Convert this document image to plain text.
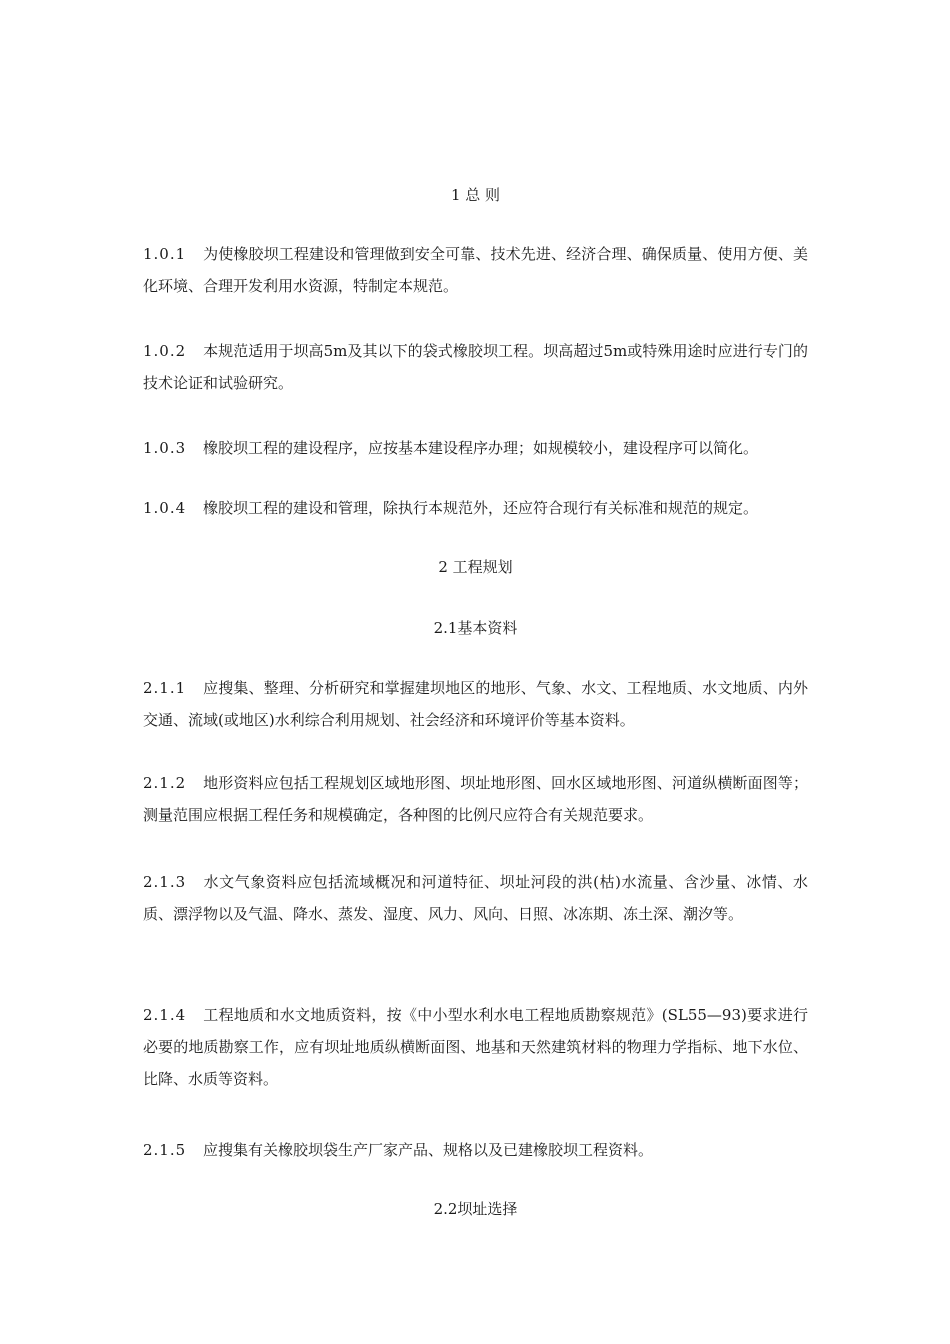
1 总 则
1.0.1 为使橡胶坝工程建设和管理做到安全可靠、技术先进、经济合理、确保质量、使用方便、美化环境、合理开发利用水资源，特制定本规范。
1.0.2 本规范适用于坝高5m及其以下的袋式橡胶坝工程。坝高超过5m或特殊用途时应进行专门的技术论证和试验研究。
1.0.3 橡胶坝工程的建设程序，应按基本建设程序办理；如规模较小，建设程序可以简化。
1.0.4 橡胶坝工程的建设和管理，除执行本规范外，还应符合现行有关标准和规范的规定。
2 工程规划
2.1基本资料
2.1.1 应搜集、整理、分析研究和掌握建坝地区的地形、气象、水文、工程地质、水文地质、内外交通、流域(或地区)水利综合利用规划、社会经济和环境评价等基本资料。
2.1.2 地形资料应包括工程规划区域地形图、坝址地形图、回水区域地形图、河道纵横断面图等；测量范围应根据工程任务和规模确定，各种图的比例尺应符合有关规范要求。
2.1.3 水文气象资料应包括流域概况和河道特征、坝址河段的洪(枯)水流量、含沙量、冰情、水质、漂浮物以及气温、降水、蒸发、湿度、风力、风向、日照、冰冻期、冻土深、潮汐等。
2.1.4 工程地质和水文地质资料，按《中小型水利水电工程地质勘察规范》(SL55—93)要求进行必要的地质勘察工作，应有坝址地质纵横断面图、地基和天然建筑材料的物理力学指标、地下水位、比降、水质等资料。
2.1.5 应搜集有关橡胶坝袋生产厂家产品、规格以及已建橡胶坝工程资料。
2.2坝址选择
